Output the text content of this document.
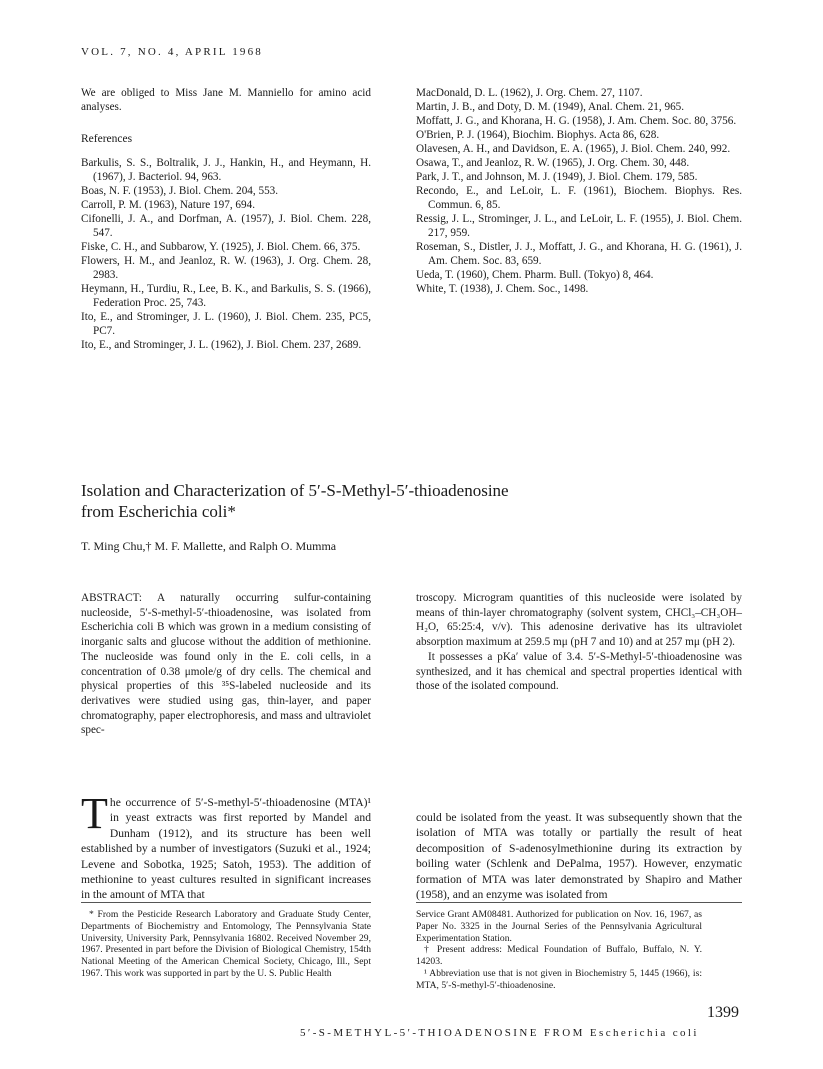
VOL. 7, NO. 4, APRIL 1968

We are obliged to Miss Jane M. Manniello for amino acid analyses.

References

Barkulis, S. S., Boltralik, J. J., Hankin, H., and Heymann, H. (1967), J. Bacteriol. 94, 963.

Boas, N. F. (1953), J. Biol. Chem. 204, 553.

Carroll, P. M. (1963), Nature 197, 694.

Cifonelli, J. A., and Dorfman, A. (1957), J. Biol. Chem. 228, 547.

Fiske, C. H., and Subbarow, Y. (1925), J. Biol. Chem. 66, 375.

Flowers, H. M., and Jeanloz, R. W. (1963), J. Org. Chem. 28, 2983.

Heymann, H., Turdiu, R., Lee, B. K., and Barkulis, S. S. (1966), Federation Proc. 25, 743.

Ito, E., and Strominger, J. L. (1960), J. Biol. Chem. 235, PC5, PC7.

Ito, E., and Strominger, J. L. (1962), J. Biol. Chem. 237, 2689.

MacDonald, D. L. (1962), J. Org. Chem. 27, 1107.

Martin, J. B., and Doty, D. M. (1949), Anal. Chem. 21, 965.

Moffatt, J. G., and Khorana, H. G. (1958), J. Am. Chem. Soc. 80, 3756.

O'Brien, P. J. (1964), Biochim. Biophys. Acta 86, 628.

Olavesen, A. H., and Davidson, E. A. (1965), J. Biol. Chem. 240, 992.

Osawa, T., and Jeanloz, R. W. (1965), J. Org. Chem. 30, 448.

Park, J. T., and Johnson, M. J. (1949), J. Biol. Chem. 179, 585.

Recondo, E., and LeLoir, L. F. (1961), Biochem. Biophys. Res. Commun. 6, 85.

Ressig, J. L., Strominger, J. L., and LeLoir, L. F. (1955), J. Biol. Chem. 217, 959.

Roseman, S., Distler, J. J., Moffatt, J. G., and Khorana, H. G. (1961), J. Am. Chem. Soc. 83, 659.

Ueda, T. (1960), Chem. Pharm. Bull. (Tokyo) 8, 464.

White, T. (1938), J. Chem. Soc., 1498.

Isolation and Characterization of 5′-S-Methyl-5′-thioadenosine
from Escherichia coli*
T. Ming Chu,† M. F. Mallette, and Ralph O. Mumma

ABSTRACT: A naturally occurring sulfur-containing nucleoside, 5′-S-methyl-5′-thioadenosine, was isolated from Escherichia coli B which was grown in a medium consisting of inorganic salts and glucose without the addition of methionine. The nucleoside was found only in the E. coli cells, in a concentration of 0.38 μmole/g of dry cells. The chemical and physical properties of this ³⁵S-labeled nucleoside and its derivatives were studied using gas, thin-layer, and paper chromatography, paper electrophoresis, and mass and ultraviolet spec-

troscopy. Microgram quantities of this nucleoside were isolated by means of thin-layer chromatography (solvent system, CHCl₃–CH₃OH–H₂O, 65:25:4, v/v). This adenosine derivative has its ultraviolet absorption maximum at 259.5 mμ (pH 7 and 10) and at 257 mμ (pH 2).

It possesses a pKa′ value of 3.4. 5′-S-Methyl-5′-thioadenosine was synthesized, and it has chemical and spectral properties identical with those of the isolated compound.

The occurrence of 5′-S-methyl-5′-thioadenosine (MTA)¹ in yeast extracts was first reported by Mandel and Dunham (1912), and its structure has been well established by a number of investigators (Suzuki et al., 1924; Levene and Sobotka, 1925; Satoh, 1953). The addition of methionine to yeast cultures resulted in significant increases in the amount of MTA that

could be isolated from the yeast. It was subsequently shown that the isolation of MTA was totally or partially the result of heat decomposition of S-adenosylmethionine during its extraction by boiling water (Schlenk and DePalma, 1957). However, enzymatic formation of MTA was later demonstrated by Shapiro and Mather (1958), and an enzyme was isolated from

* From the Pesticide Research Laboratory and Graduate Study Center, Departments of Biochemistry and Entomology, The Pennsylvania State University, University Park, Pennsylvania 16802. Received November 29, 1967. Presented in part before the Division of Biological Chemistry, 154th National Meeting of the American Chemical Society, Chicago, Ill., Sept 1967. This work was supported in part by the U. S. Public Health

Service Grant AM08481. Authorized for publication on Nov. 16, 1967, as Paper No. 3325 in the Journal Series of the Pennsylvania Agricultural Experimentation Station.

† Present address: Medical Foundation of Buffalo, Buffalo, N. Y. 14203.

¹ Abbreviation use that is not given in Biochemistry 5, 1445 (1966), is: MTA, 5′-S-methyl-5′-thioadenosine.

1399
5′-S-METHYL-5′-THIOADENOSINE FROM Escherichia coli
